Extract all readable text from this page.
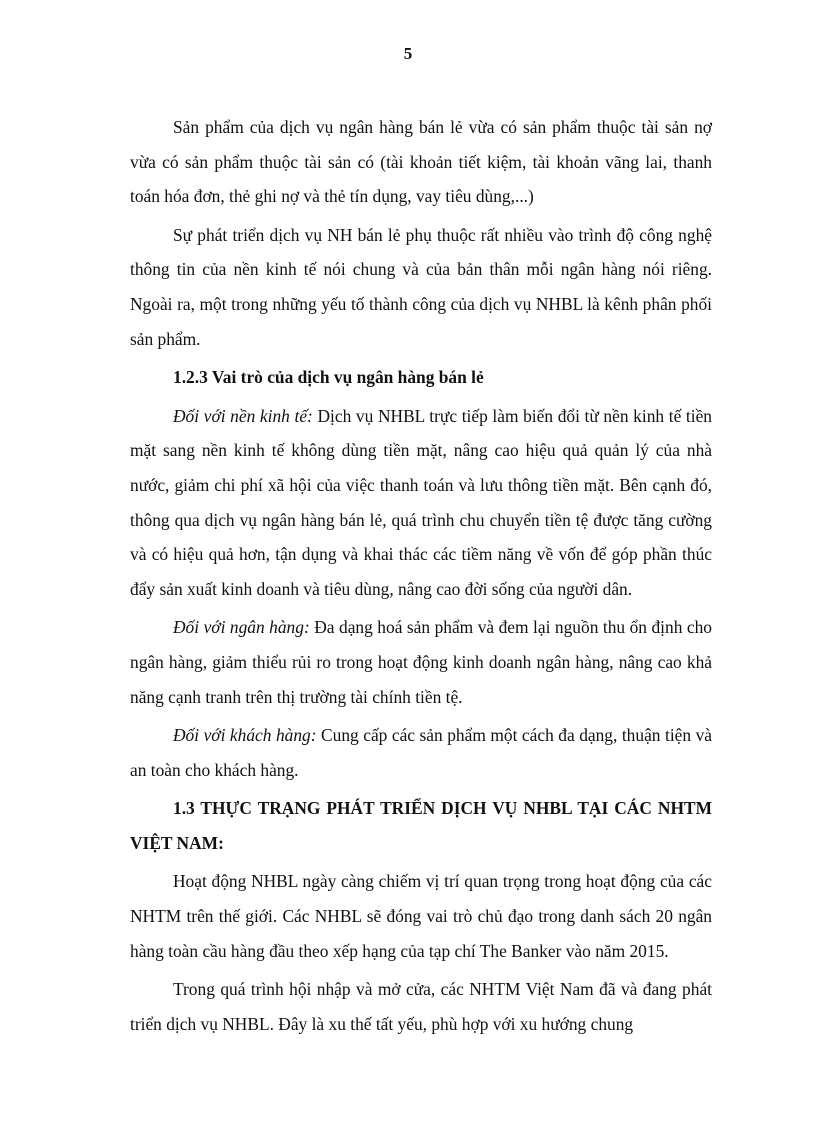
5

Sản phẩm của dịch vụ ngân hàng bán lẻ vừa có sản phẩm thuộc tài sản nợ vừa có sản phẩm thuộc tài sản có (tài khoản tiết kiệm, tài khoản vãng lai, thanh toán hóa đơn, thẻ ghi nợ và thẻ tín dụng, vay tiêu dùng,...)

Sự phát triển dịch vụ NH bán lẻ phụ thuộc rất nhiều vào trình độ công nghệ thông tin của nền kinh tế nói chung và của bản thân mỗi ngân hàng nói riêng. Ngoài ra, một trong những yếu tố thành công của dịch vụ NHBL là kênh phân phối sản phẩm.

1.2.3 Vai trò của dịch vụ ngân hàng bán lẻ

Đối với nền kinh tế: Dịch vụ NHBL trực tiếp làm biến đổi từ nền kinh tế tiền mặt sang nền kinh tế không dùng tiền mặt, nâng cao hiệu quả quản lý của nhà nước, giảm chi phí xã hội của việc thanh toán và lưu thông tiền mặt. Bên cạnh đó, thông qua dịch vụ ngân hàng bán lẻ, quá trình chu chuyển tiền tệ được tăng cường và có hiệu quả hơn, tận dụng và khai thác các tiềm năng về vốn để góp phần thúc đẩy sản xuất kinh doanh và tiêu dùng, nâng cao đời sống của người dân.

Đối với ngân hàng: Đa dạng hoá sản phẩm và đem lại nguồn thu ổn định cho ngân hàng, giảm thiểu rủi ro trong hoạt động kinh doanh ngân hàng, nâng cao khả năng cạnh tranh trên thị trường tài chính tiền tệ.

Đối với khách hàng: Cung cấp các sản phẩm một cách đa dạng, thuận tiện và an toàn cho khách hàng.

1.3 THỰC TRẠNG PHÁT TRIỂN DỊCH VỤ NHBL TẠI CÁC NHTM VIỆT NAM:

Hoạt động NHBL ngày càng chiếm vị trí quan trọng trong hoạt động của các NHTM trên thế giới. Các NHBL sẽ đóng vai trò chủ đạo trong danh sách 20 ngân hàng toàn cầu hàng đầu theo xếp hạng của tạp chí The Banker vào năm 2015.

Trong quá trình hội nhập và mở cửa, các NHTM Việt Nam đã và đang phát triển dịch vụ NHBL. Đây là xu thế tất yếu, phù hợp với xu hướng chung
